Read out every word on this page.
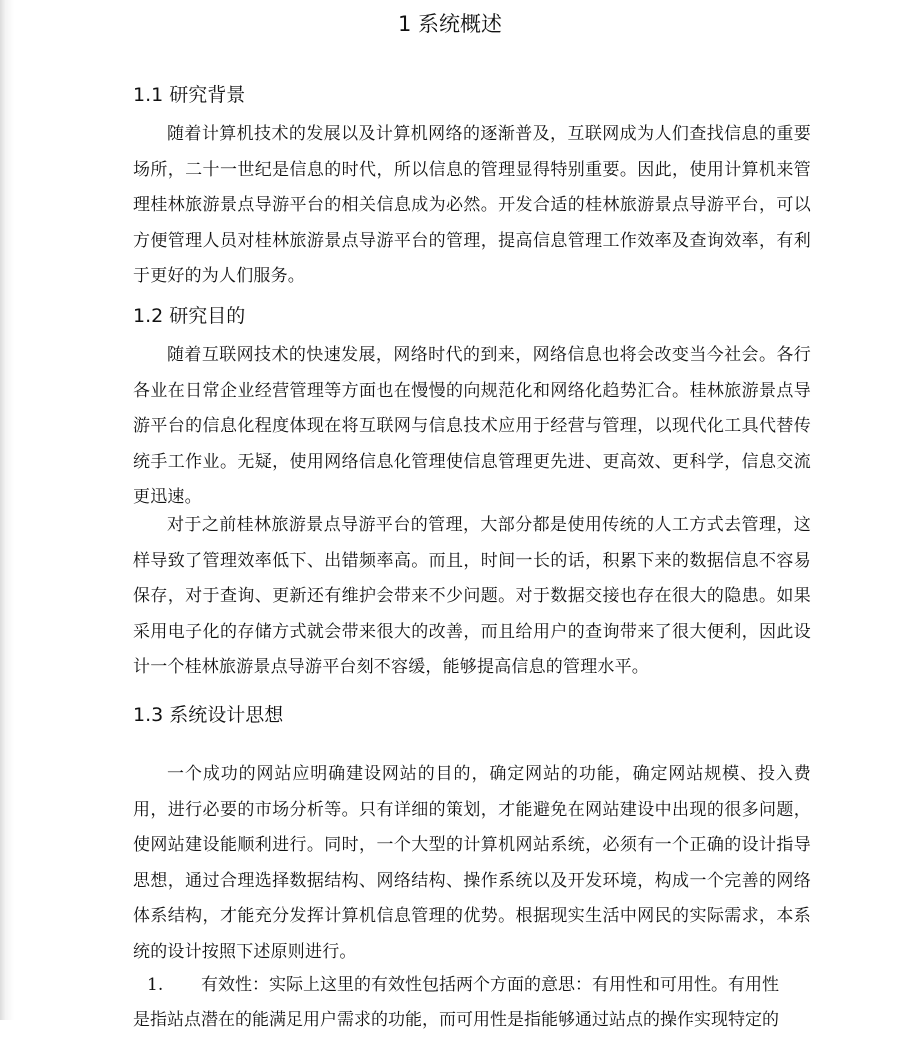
1 系统概述
1.1 研究背景

随着计算机技术的发展以及计算机网络的逐渐普及，互联网成为人们查找信息的重要场所，二十一世纪是信息的时代，所以信息的管理显得特别重要。因此，使用计算机来管理桂林旅游景点导游平台的相关信息成为必然。开发合适的桂林旅游景点导游平台，可以方便管理人员对桂林旅游景点导游平台的管理，提高信息管理工作效率及查询效率，有利于更好的为人们服务。

1.2 研究目的

随着互联网技术的快速发展，网络时代的到来，网络信息也将会改变当今社会。各行各业在日常企业经营管理等方面也在慢慢的向规范化和网络化趋势汇合。桂林旅游景点导游平台的信息化程度体现在将互联网与信息技术应用于经营与管理，以现代化工具代替传统手工作业。无疑，使用网络信息化管理使信息管理更先进、更高效、更科学，信息交流更迅速。

对于之前桂林旅游景点导游平台的管理，大部分都是使用传统的人工方式去管理，这样导致了管理效率低下、出错频率高。而且，时间一长的话，积累下来的数据信息不容易保存，对于查询、更新还有维护会带来不少问题。对于数据交接也存在很大的隐患。如果采用电子化的存储方式就会带来很大的改善，而且给用户的查询带来了很大便利，因此设计一个桂林旅游景点导游平台刻不容缓，能够提高信息的管理水平。

1.3 系统设计思想

一个成功的网站应明确建设网站的目的，确定网站的功能，确定网站规模、投入费用，进行必要的市场分析等。只有详细的策划，才能避免在网站建设中出现的很多问题，使网站建设能顺利进行。同时，一个大型的计算机网站系统，必须有一个正确的设计指导思想，通过合理选择数据结构、网络结构、操作系统以及开发环境，构成一个完善的网络体系结构，才能充分发挥计算机信息管理的优势。根据现实生活中网民的实际需求，本系统的设计按照下述原则进行。

1. 有效性：实际上这里的有效性包括两个方面的意思：有用性和可用性。有用性
是指站点潜在的能满足用户需求的功能，而可用性是指能够通过站点的操作实现特定的
